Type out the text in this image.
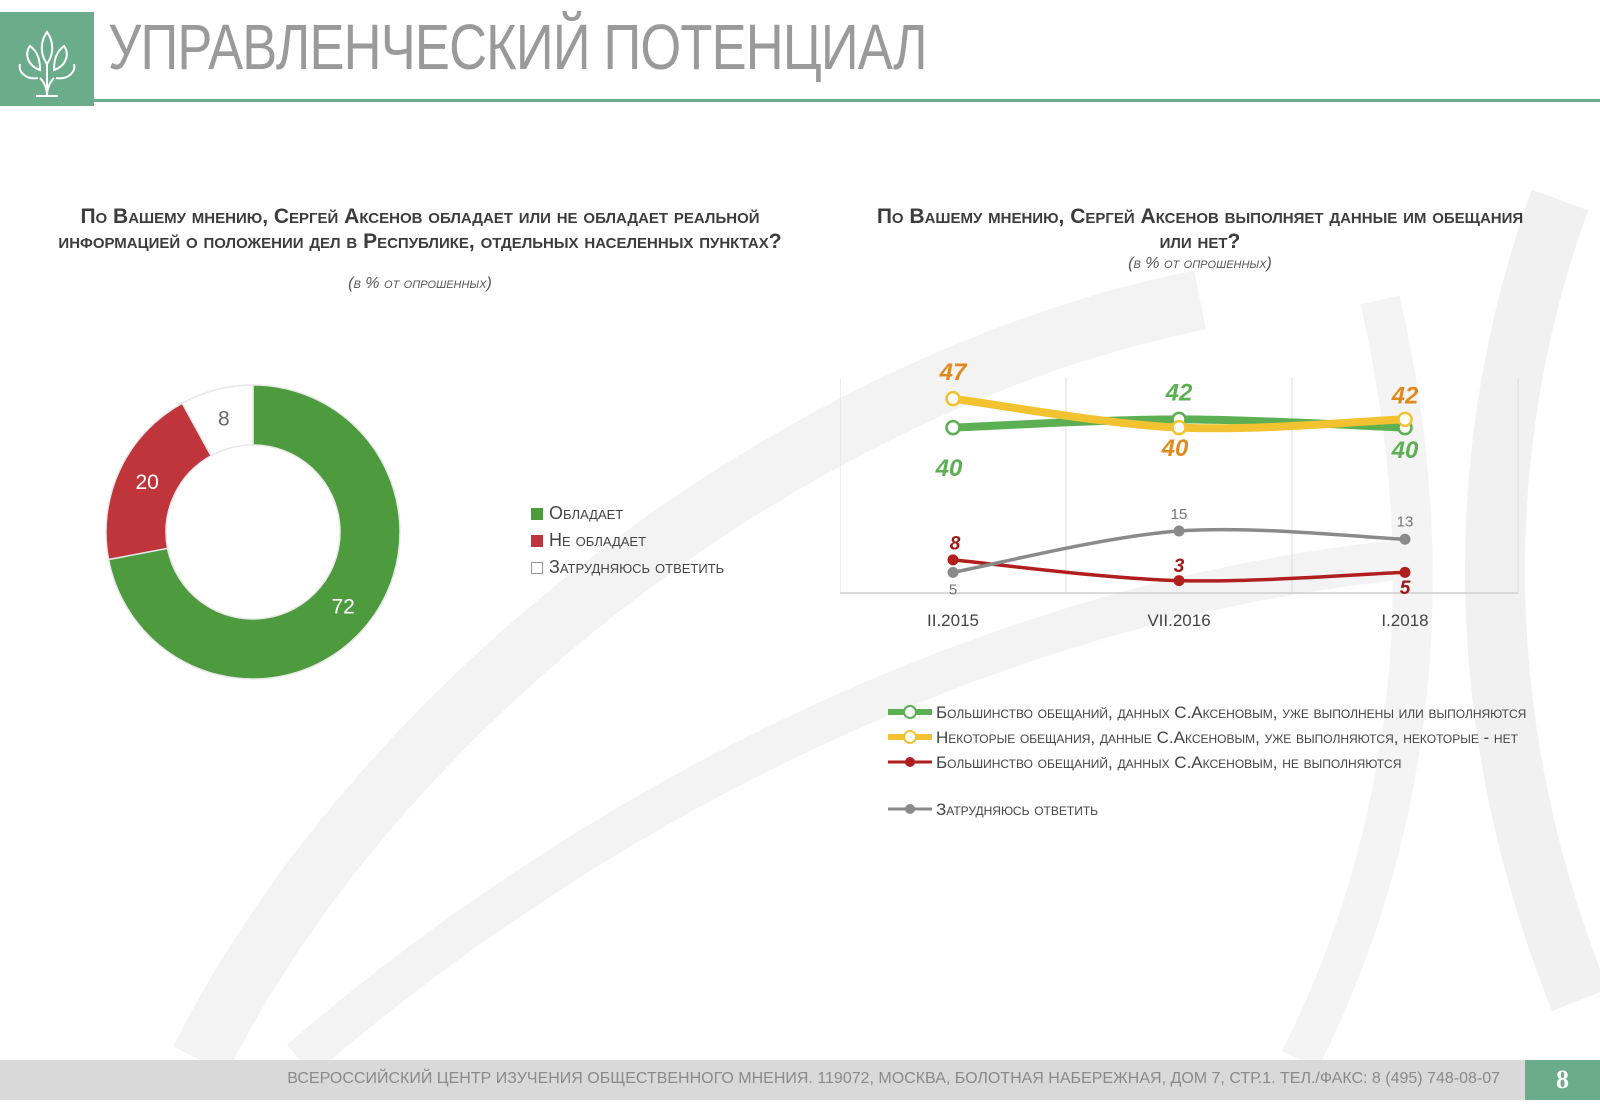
УПРАВЛЕНЧЕСКИЙ ПОТЕНЦИАЛ
По Вашему мнению, Сергей Аксенов обладает или не обладает реальной информацией о положении дел в Республике, отдельных населенных пунктах?
(в % от опрошенных)
72
20
8
Обладает
Не обладает
Затрудняюсь ответить
По Вашему мнению, Сергей Аксенов выполняет данные им обещания или нет?
(в % от опрошенных)
II.2015	VII.2016	I.2018
40
42
40
47
40
42
8
3
5
5
15	13
Большинство обещаний, данных С.Аксеновым, уже выполнены или выполняются
Некоторые обещания, данные С.Аксеновым, уже выполняются, некоторые - нет
Большинство обещаний, данных С.Аксеновым, не выполняются
Затрудняюсь ответить
ВСЕРОССИЙСКИЙ ЦЕНТР ИЗУЧЕНИЯ ОБЩЕСТВЕННОГО МНЕНИЯ. 119072, МОСКВА, БОЛОТНАЯ НАБЕРЕЖНАЯ, ДОМ 7, СТР.1. ТЕЛ./ФАКС: 8 (495) 748-08-07	8
